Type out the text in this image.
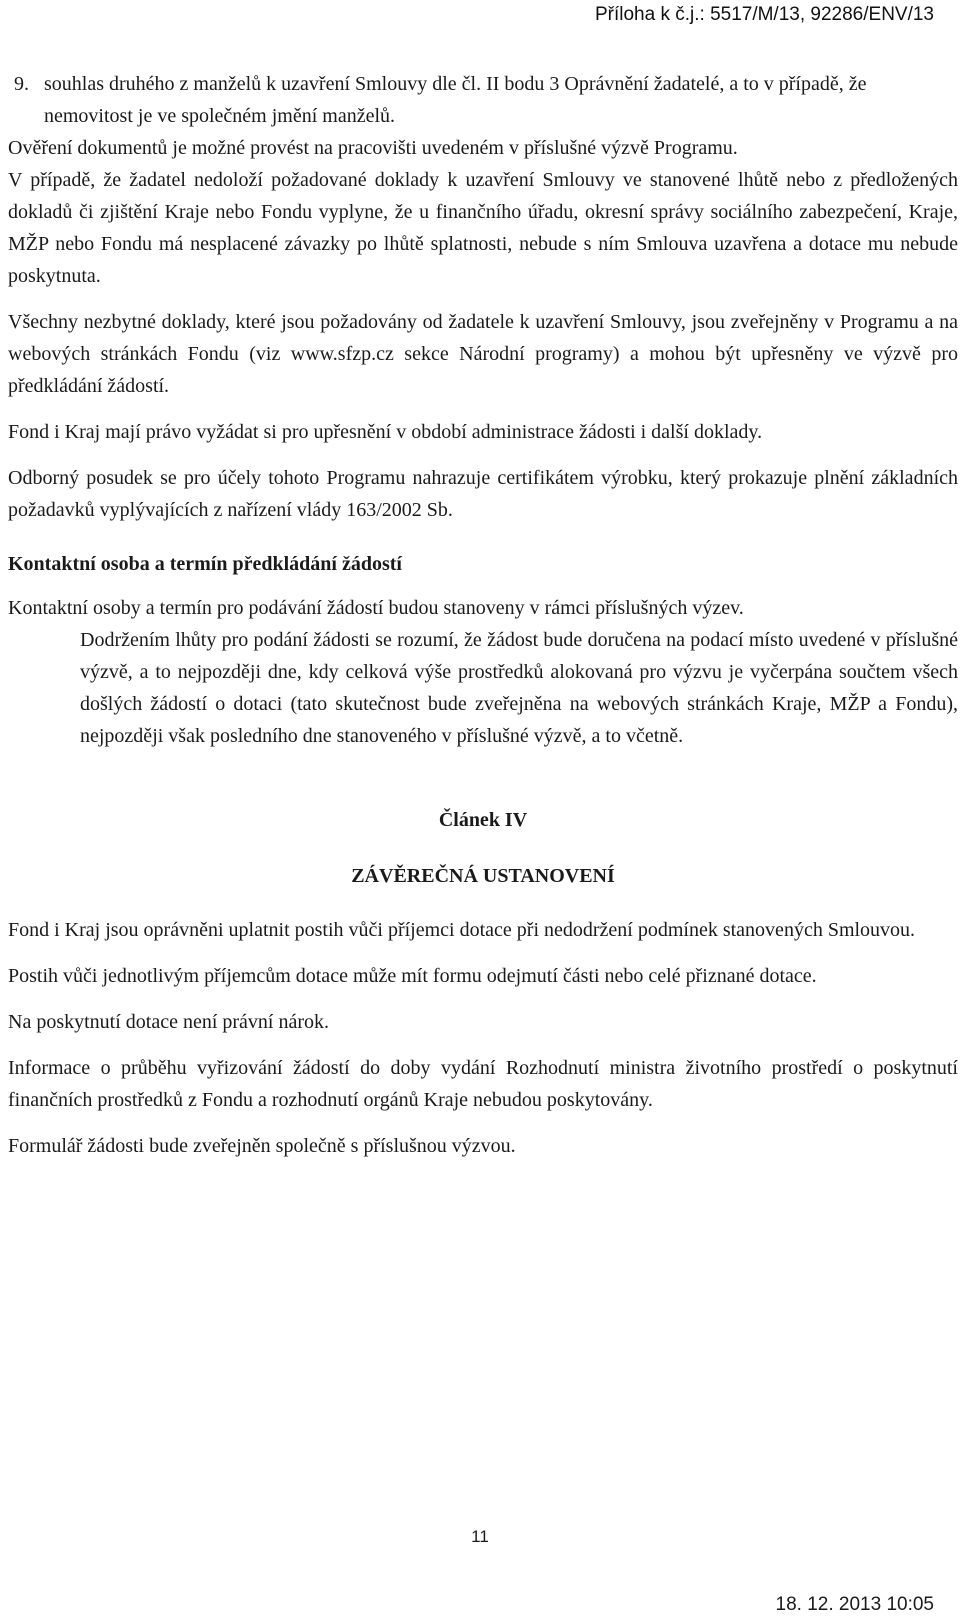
Příloha k č.j.: 5517/M/13, 92286/ENV/13
9. souhlas druhého z manželů k uzavření Smlouvy dle čl. II bodu 3 Oprávnění žadatelé, a to v případě, že nemovitost je ve společném jmění manželů.

Ověření dokumentů je možné provést na pracovišti uvedeném v příslušné výzvě Programu.

V případě, že žadatel nedoloží požadované doklady k uzavření Smlouvy ve stanovené lhůtě nebo z předložených dokladů či zjištění Kraje nebo Fondu vyplyne, že u finančního úřadu, okresní správy sociálního zabezpečení, Kraje, MŽP nebo Fondu má nesplacené závazky po lhůtě splatnosti, nebude s ním Smlouva uzavřena a dotace mu nebude poskytnuta.

Všechny nezbytné doklady, které jsou požadovány od žadatele k uzavření Smlouvy, jsou zveřejněny v Programu a na webových stránkách Fondu (viz www.sfzp.cz sekce Národní programy) a mohou být upřesněny ve výzvě pro předkládání žádostí.

Fond i Kraj mají právo vyžádat si pro upřesnění v období administrace žádosti i další doklady.

Odborný posudek se pro účely tohoto Programu nahrazuje certifikátem výrobku, který prokazuje plnění základních požadavků vyplývajících z nařízení vlády 163/2002 Sb.

Kontaktní osoba a termín předkládání žádostí

Kontaktní osoby a termín pro podávání žádostí budou stanoveny v rámci příslušných výzev.

Dodržením lhůty pro podání žádosti se rozumí, že žádost bude doručena na podací místo uvedené v příslušné výzvě, a to nejpozději dne, kdy celková výše prostředků alokovaná pro výzvu je vyčerpána součtem všech došlých žádostí o dotaci (tato skutečnost bude zveřejněna na webových stránkách Kraje, MŽP a Fondu), nejpozději však posledního dne stanoveného v příslušné výzvě, a to včetně.

Článek IV

ZÁVĚREČNÁ USTANOVENÍ

Fond i Kraj jsou oprávněni uplatnit postih vůči příjemci dotace při nedodržení podmínek stanovených Smlouvou.

Postih vůči jednotlivým příjemcům dotace může mít formu odejmutí části nebo celé přiznané dotace.

Na poskytnutí dotace není právní nárok.

Informace o průběhu vyřizování žádostí do doby vydání Rozhodnutí ministra životního prostředí o poskytnutí finančních prostředků z Fondu a rozhodnutí orgánů Kraje nebudou poskytovány.

Formulář žádosti bude zveřejněn společně s příslušnou výzvou.

11
18. 12. 2013 10:05
